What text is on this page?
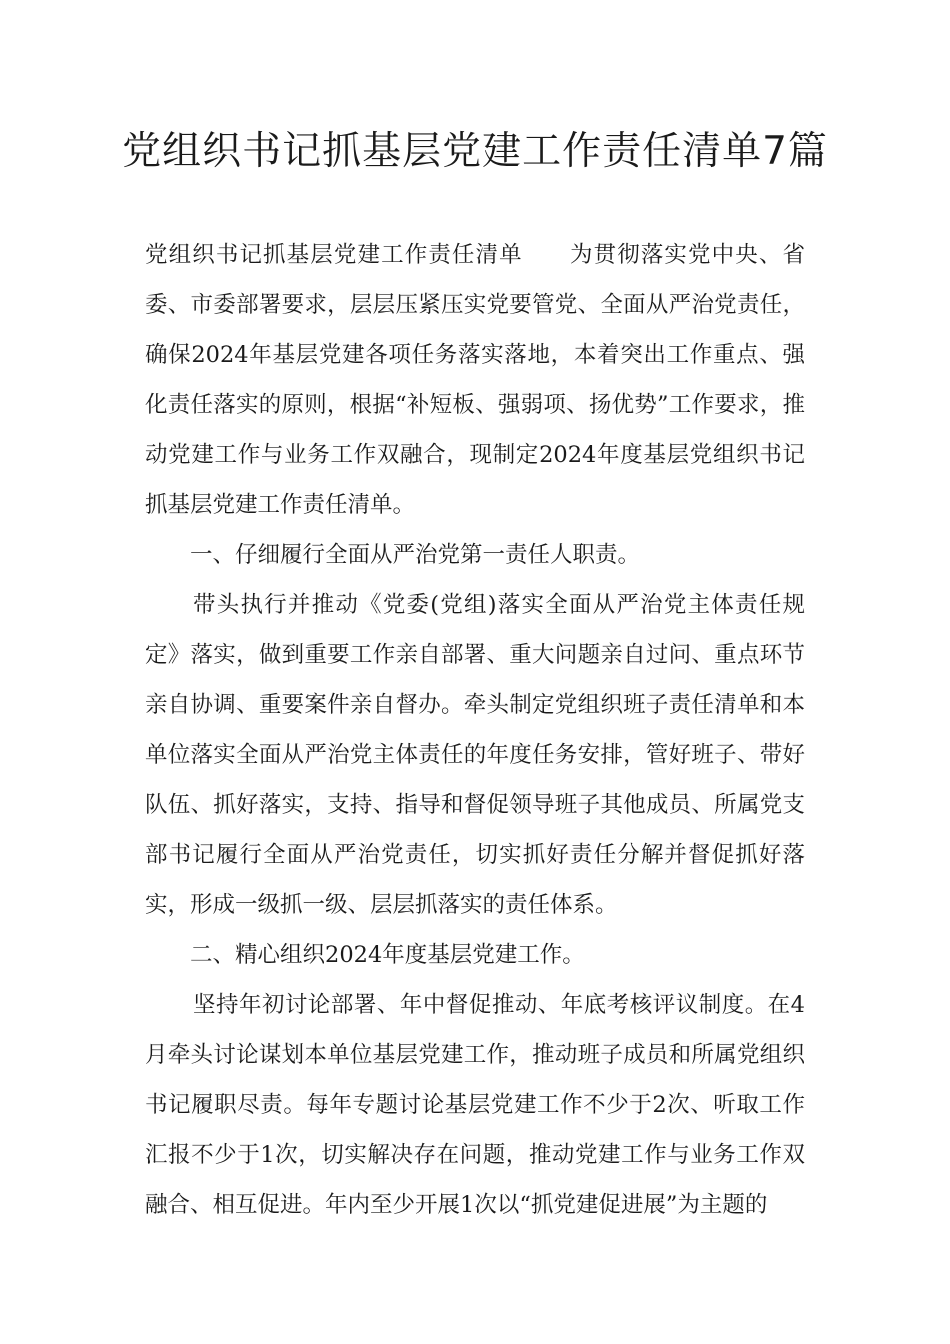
党组织书记抓基层党建工作责任清单7篇

党组织书记抓基层党建工作责任清单　　为贯彻落实党中央、省委、市委部署要求，层层压紧压实党要管党、全面从严治党责任，确保2024年基层党建各项任务落实落地，本着突出工作重点、强化责任落实的原则，根据“补短板、强弱项、扬优势”工作要求，推动党建工作与业务工作双融合，现制定2024年度基层党组织书记抓基层党建工作责任清单。

一、仔细履行全面从严治党第一责任人职责。

带头执行并推动《党委(党组)落实全面从严治党主体责任规定》落实，做到重要工作亲自部署、重大问题亲自过问、重点环节亲自协调、重要案件亲自督办。牵头制定党组织班子责任清单和本单位落实全面从严治党主体责任的年度任务安排，管好班子、带好队伍、抓好落实，支持、指导和督促领导班子其他成员、所属党支部书记履行全面从严治党责任，切实抓好责任分解并督促抓好落实，形成一级抓一级、层层抓落实的责任体系。

二、精心组织2024年度基层党建工作。

坚持年初讨论部署、年中督促推动、年底考核评议制度。在4月牵头讨论谋划本单位基层党建工作，推动班子成员和所属党组织书记履职尽责。每年专题讨论基层党建工作不少于2次、听取工作汇报不少于1次，切实解决存在问题，推动党建工作与业务工作双融合、相互促进。年内至少开展1次以“抓党建促进展”为主题的
